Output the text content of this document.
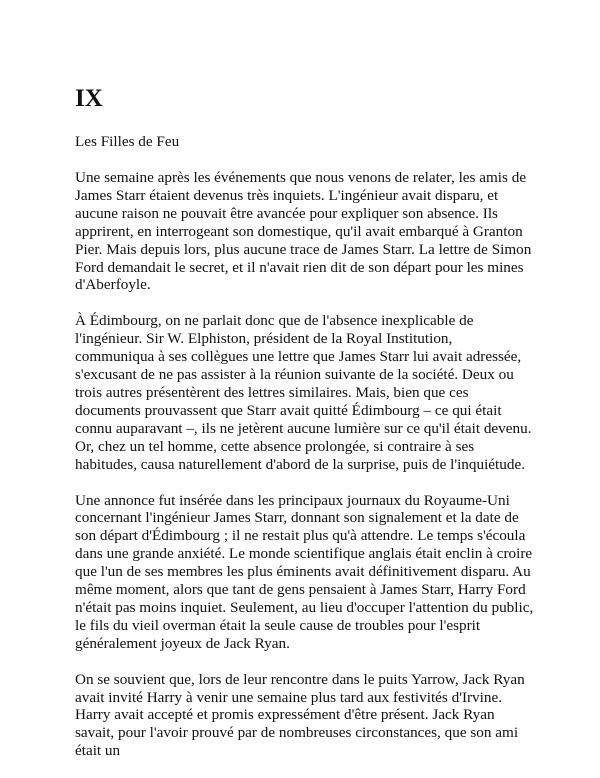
IX
Les Filles de Feu

Une semaine après les événements que nous venons de relater, les amis de James Starr étaient devenus très inquiets. L'ingénieur avait disparu, et aucune raison ne pouvait être avancée pour expliquer son absence. Ils apprirent, en interrogeant son domestique, qu'il avait embarqué à Granton Pier. Mais depuis lors, plus aucune trace de James Starr. La lettre de Simon Ford demandait le secret, et il n'avait rien dit de son départ pour les mines d'Aberfoyle.

À Édimbourg, on ne parlait donc que de l'absence inexplicable de l'ingénieur. Sir W. Elphiston, président de la Royal Institution, communiqua à ses collègues une lettre que James Starr lui avait adressée, s'excusant de ne pas assister à la réunion suivante de la société. Deux ou trois autres présentèrent des lettres similaires. Mais, bien que ces documents prouvassent que Starr avait quitté Édimbourg – ce qui était connu auparavant –, ils ne jetèrent aucune lumière sur ce qu'il était devenu. Or, chez un tel homme, cette absence prolongée, si contraire à ses habitudes, causa naturellement d'abord de la surprise, puis de l'inquiétude.

Une annonce fut insérée dans les principaux journaux du Royaume-Uni concernant l'ingénieur James Starr, donnant son signalement et la date de son départ d'Édimbourg ; il ne restait plus qu'à attendre. Le temps s'écoula dans une grande anxiété. Le monde scientifique anglais était enclin à croire que l'un de ses membres les plus éminents avait définitivement disparu. Au même moment, alors que tant de gens pensaient à James Starr, Harry Ford n'était pas moins inquiet. Seulement, au lieu d'occuper l'attention du public, le fils du vieil overman était la seule cause de troubles pour l'esprit généralement joyeux de Jack Ryan.

On se souvient que, lors de leur rencontre dans le puits Yarrow, Jack Ryan avait invité Harry à venir une semaine plus tard aux festivités d'Irvine. Harry avait accepté et promis expressément d'être présent. Jack Ryan savait, pour l'avoir prouvé par de nombreuses circonstances, que son ami était un
